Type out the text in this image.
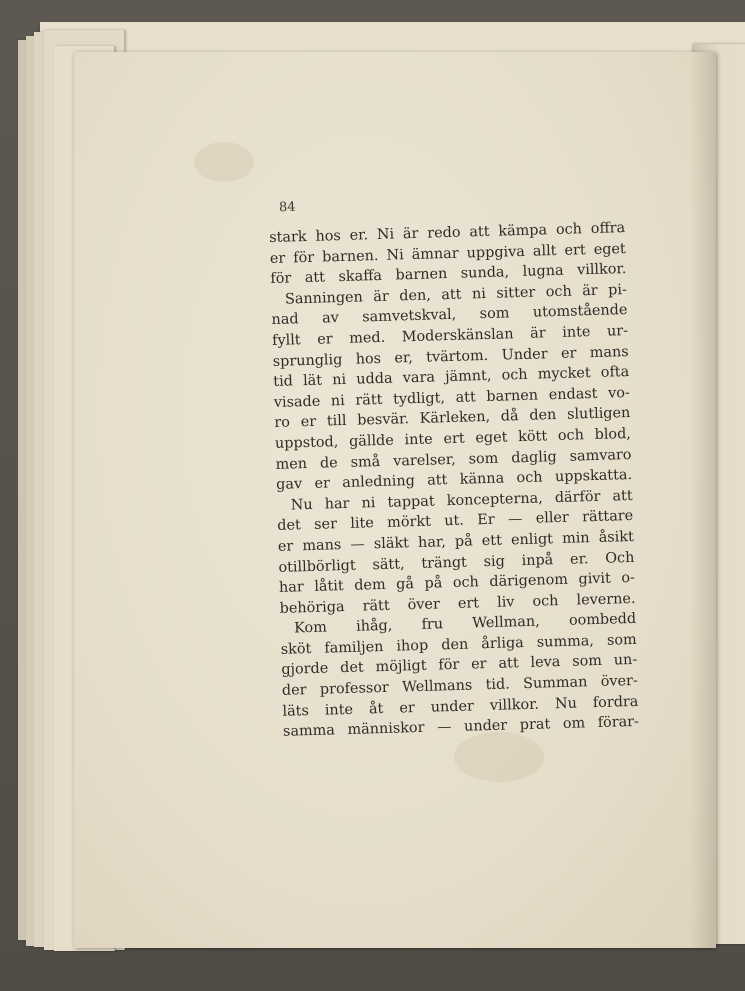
84
stark hos er. Ni är redo att kämpa och offra
er för barnen. Ni ämnar uppgiva allt ert eget
för att skaffa barnen sunda, lugna villkor.
Sanningen är den, att ni sitter och är pi-
nad av samvetskval, som utomstående
fyllt er med. Moderskänslan är inte ur-
sprunglig hos er, tvärtom. Under er mans
tid lät ni udda vara jämnt, och mycket ofta
visade ni rätt tydligt, att barnen endast vo-
ro er till besvär. Kärleken, då den slutligen
uppstod, gällde inte ert eget kött och blod,
men de små varelser, som daglig samvaro
gav er anledning att känna och uppskatta.
Nu har ni tappat koncepterna, därför att
det ser lite mörkt ut. Er — eller rättare
er mans — släkt har, på ett enligt min åsikt
otillbörligt sätt, trängt sig inpå er. Och
har låtit dem gå på och därigenom givit o-
behöriga rätt över ert liv och leverne.
Kom ihåg, fru Wellman, oombedd
sköt familjen ihop den årliga summa, som
gjorde det möjligt för er att leva som un-
der professor Wellmans tid. Summan över-
läts inte åt er under villkor. Nu fordra
samma människor — under prat om förar-
